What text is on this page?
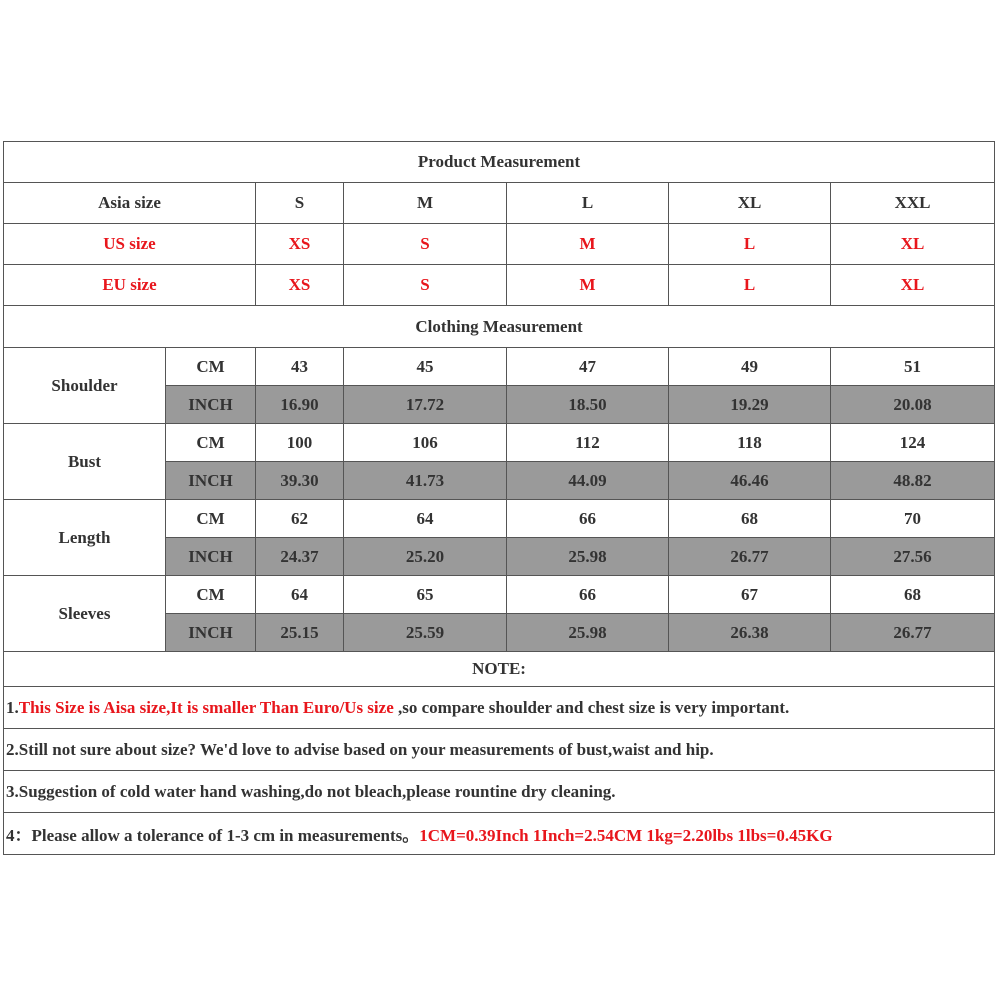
Product Measurement						
Asia size		S	M	L	XL	XXL
US size		XS	S	M	L	XL
EU size		XS	S	M	L	XL
Clothing Measurement						
Shoulder	CM	43	45	47	49	51
	INCH	16.90	17.72	18.50	19.29	20.08
Bust	CM	100	106	112	118	124
	INCH	39.30	41.73	44.09	46.46	48.82
Length	CM	62	64	66	68	70
	INCH	24.37	25.20	25.98	26.77	27.56
Sleeves	CM	64	65	66	67	68
	INCH	25.15	25.59	25.98	26.38	26.77
NOTE:						
1.This Size is Aisa size,It is smaller Than Euro/Us size ,so compare shoulder and chest size is very important.						
2.Still not sure about size? We'd love to advise based on your measurements of bust,waist and hip.						
3.Suggestion of cold water hand washing,do not bleach,please rountine dry cleaning.						
4：Please allow a tolerance of 1-3 cm in measurements。1CM=0.39Inch 1Inch=2.54CM 1kg=2.20lbs 1lbs=0.45KG						
